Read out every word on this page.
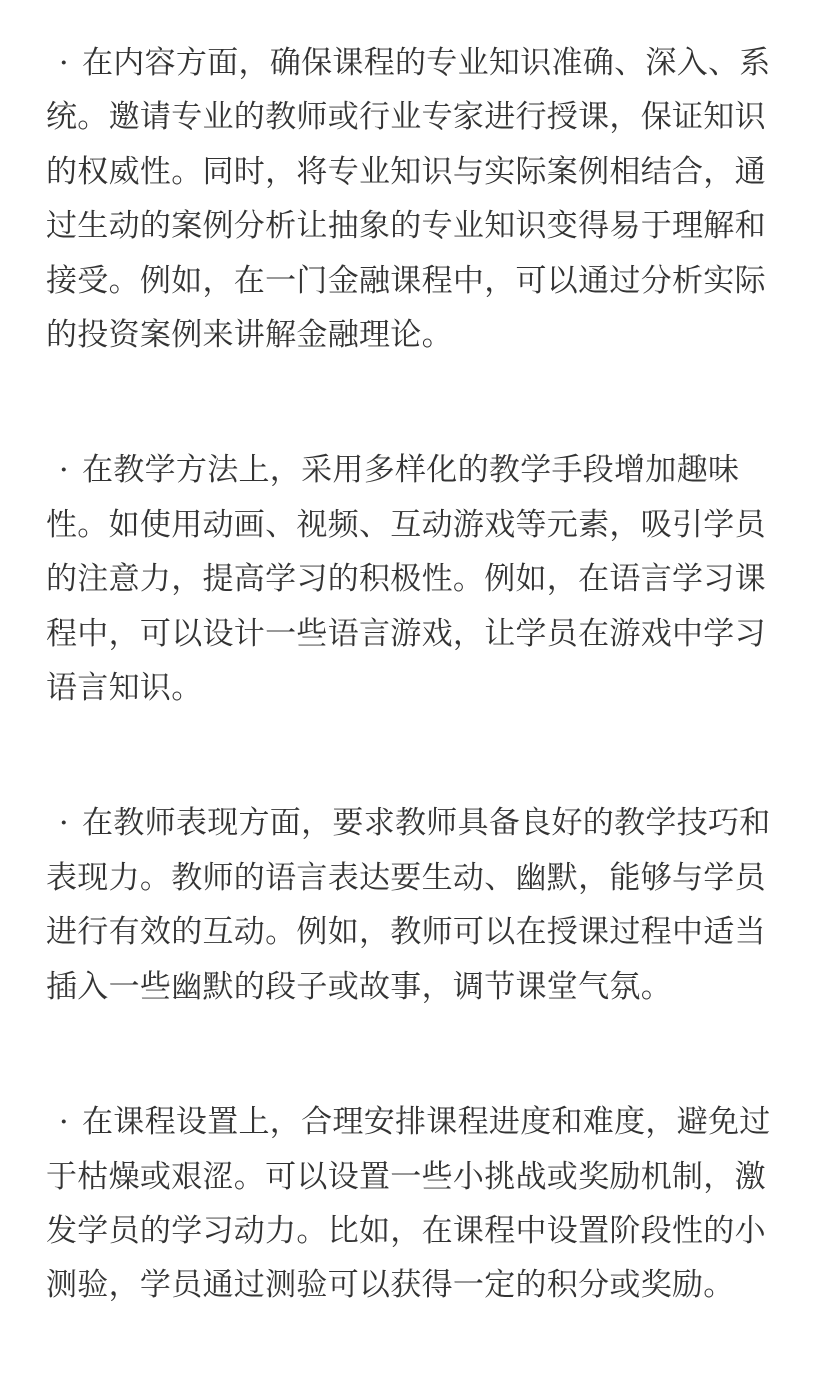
· 在内容方面，确保课程的专业知识准确、深入、系统。邀请专业的教师或行业专家进行授课，保证知识的权威性。同时，将专业知识与实际案例相结合，通过生动的案例分析让抽象的专业知识变得易于理解和接受。例如，在一门金融课程中，可以通过分析实际的投资案例来讲解金融理论。

· 在教学方法上，采用多样化的教学手段增加趣味性。如使用动画、视频、互动游戏等元素，吸引学员的注意力，提高学习的积极性。例如，在语言学习课程中，可以设计一些语言游戏，让学员在游戏中学习语言知识。

· 在教师表现方面，要求教师具备良好的教学技巧和表现力。教师的语言表达要生动、幽默，能够与学员进行有效的互动。例如，教师可以在授课过程中适当插入一些幽默的段子或故事，调节课堂气氛。

· 在课程设置上，合理安排课程进度和难度，避免过于枯燥或艰涩。可以设置一些小挑战或奖励机制，激发学员的学习动力。比如，在课程中设置阶段性的小测验，学员通过测验可以获得一定的积分或奖励。
